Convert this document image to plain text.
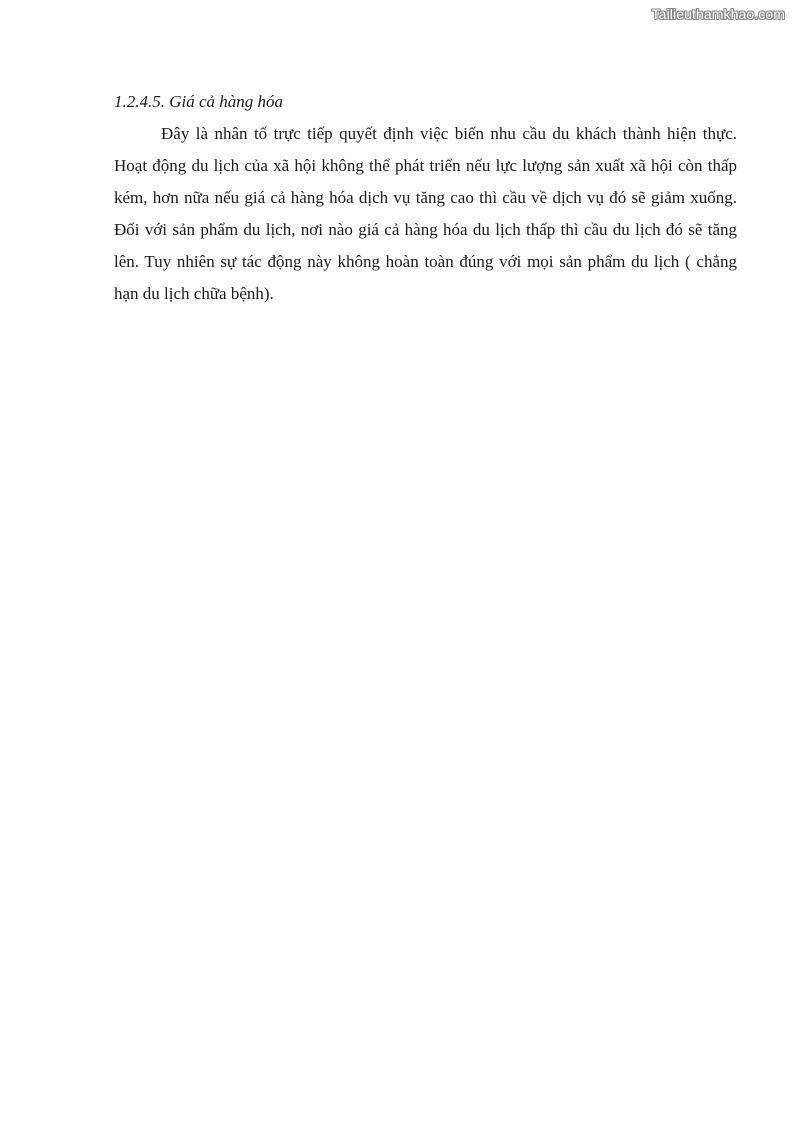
Tailieuthamkhao.com
1.2.4.5. Giá cả hàng hóa

Đây là nhân tố trực tiếp quyết định việc biến nhu cầu du khách thành hiện thực. Hoạt động du lịch của xã hội không thể phát triển nếu lực lượng sản xuất xã hội còn thấp kém, hơn nữa nếu giá cả hàng hóa dịch vụ tăng cao thì cầu về dịch vụ đó sẽ giảm xuống. Đối với sản phẩm du lịch, nơi nào giá cả hàng hóa du lịch thấp thì cầu du lịch đó sẽ tăng lên. Tuy nhiên sự tác động này không hoàn toàn đúng với mọi sản phẩm du lịch ( chẳng hạn du lịch chữa bệnh).
